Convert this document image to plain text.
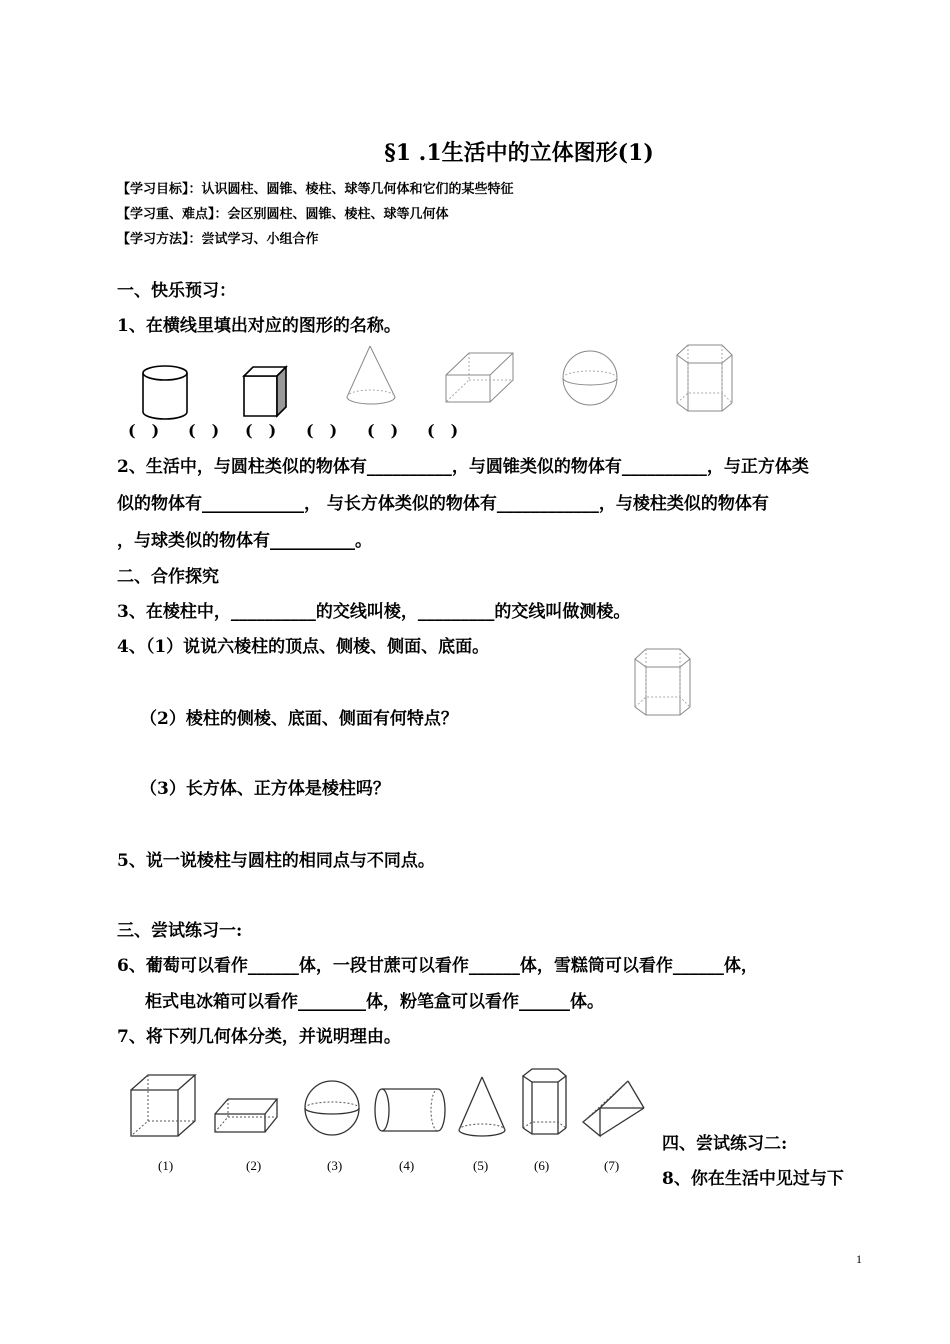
§1 .1生活中的立体图形(1)
【学习目标】：认识圆柱、圆锥、棱柱、球等几何体和它们的某些特征
【学习重、难点】：会区别圆柱、圆锥、棱柱、球等几何体
【学习方法】：尝试学习、小组合作
一、快乐预习：
1、在横线里填出对应的图形的名称。
(　) (　) (　) (　) (　) (　)
2、生活中，与圆柱类似的物体有__________，与圆锥类似的物体有__________，与正方体类
似的物体有____________， 与长方体类似的物体有____________，与棱柱类似的物体有
，与球类似的物体有__________。
二、合作探究
3、在棱柱中，__________的交线叫棱，_________的交线叫做测棱。
4、（1）说说六棱柱的顶点、侧棱、侧面、底面。
（2）棱柱的侧棱、底面、侧面有何特点？
（3）长方体、正方体是棱柱吗？
5、说一说棱柱与圆柱的相同点与不同点。
三、尝试练习一:
6、葡萄可以看作______体，一段甘蔗可以看作______体，雪糕筒可以看作______体，
柜式电冰箱可以看作________体，粉笔盒可以看作______体。
7、将下列几何体分类，并说明理由。
(1)	(2)	(3)	(4)	(5)	(6)	(7)
四、尝试练习二:
8、你在生活中见过与下
1
